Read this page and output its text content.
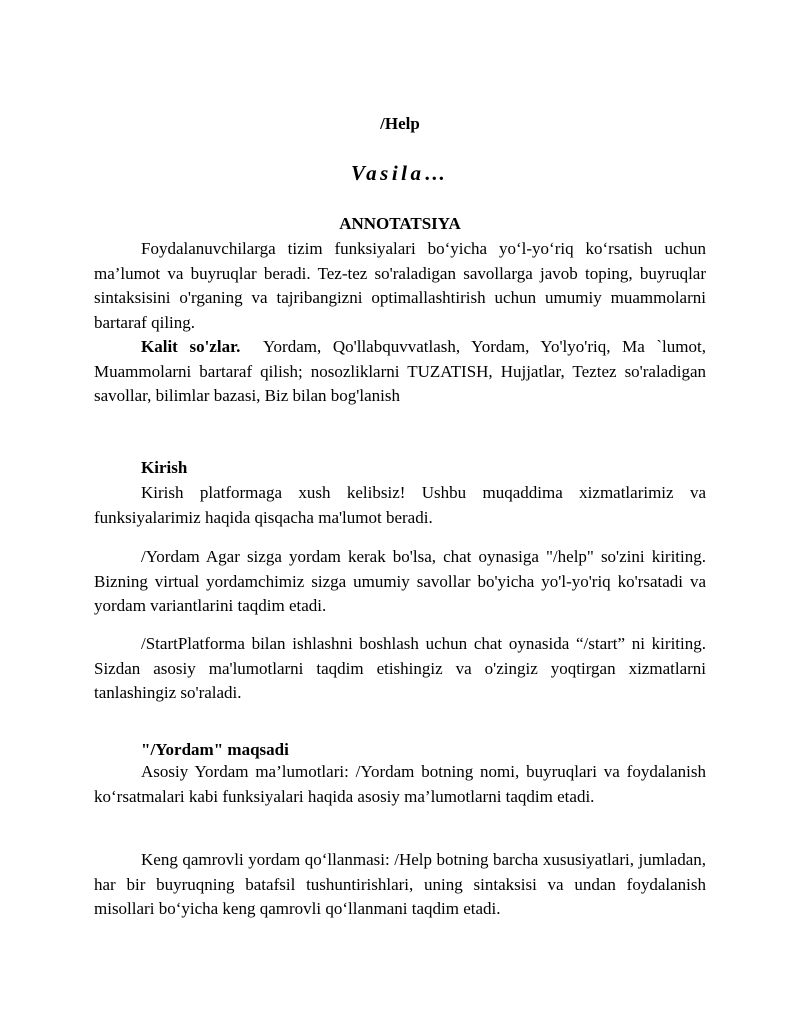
/Help
Vasila…
ANNOTATSIYA

Foydalanuvchilarga tizim funksiyalari bo‘yicha yo‘l-yo‘riq ko‘rsatish uchun ma’lumot va buyruqlar beradi. Tez-tez so'raladigan savollarga javob toping, buyruqlar sintaksisini o'rganing va tajribangizni optimallashtirish uchun umumiy muammolarni bartaraf qiling.

Kalit so'zlar. Yordam, Qo'llabquvvatlash, Yordam, Yo'lyo'riq, Ma `lumot, Muammolarni bartaraf qilish; nosozliklarni TUZATISH, Hujjatlar, Teztez so'raladigan savollar, bilimlar bazasi, Biz bilan bog'lanish

Kirish

Kirish platformaga xush kelibsiz! Ushbu muqaddima xizmatlarimiz va funksiyalarimiz haqida qisqacha ma'lumot beradi.

/Yordam Agar sizga yordam kerak bo'lsa, chat oynasiga "/help" so'zini kiriting. Bizning virtual yordamchimiz sizga umumiy savollar bo'yicha yo'l-yo'riq ko'rsatadi va yordam variantlarini taqdim etadi.

/StartPlatforma bilan ishlashni boshlash uchun chat oynasida “/start” ni kiriting. Sizdan asosiy ma'lumotlarni taqdim etishingiz va o'zingiz yoqtirgan xizmatlarni tanlashingiz so'raladi.

"/Yordam" maqsadi

Asosiy Yordam ma’lumotlari: /Yordam botning nomi, buyruqlari va foydalanish ko‘rsatmalari kabi funksiyalari haqida asosiy ma’lumotlarni taqdim etadi.

Keng qamrovli yordam qo‘llanmasi: /Help botning barcha xususiyatlari, jumladan, har bir buyruqning batafsil tushuntirishlari, uning sintaksisi va undan foydalanish misollari bo‘yicha keng qamrovli qo‘llanmani taqdim etadi.
